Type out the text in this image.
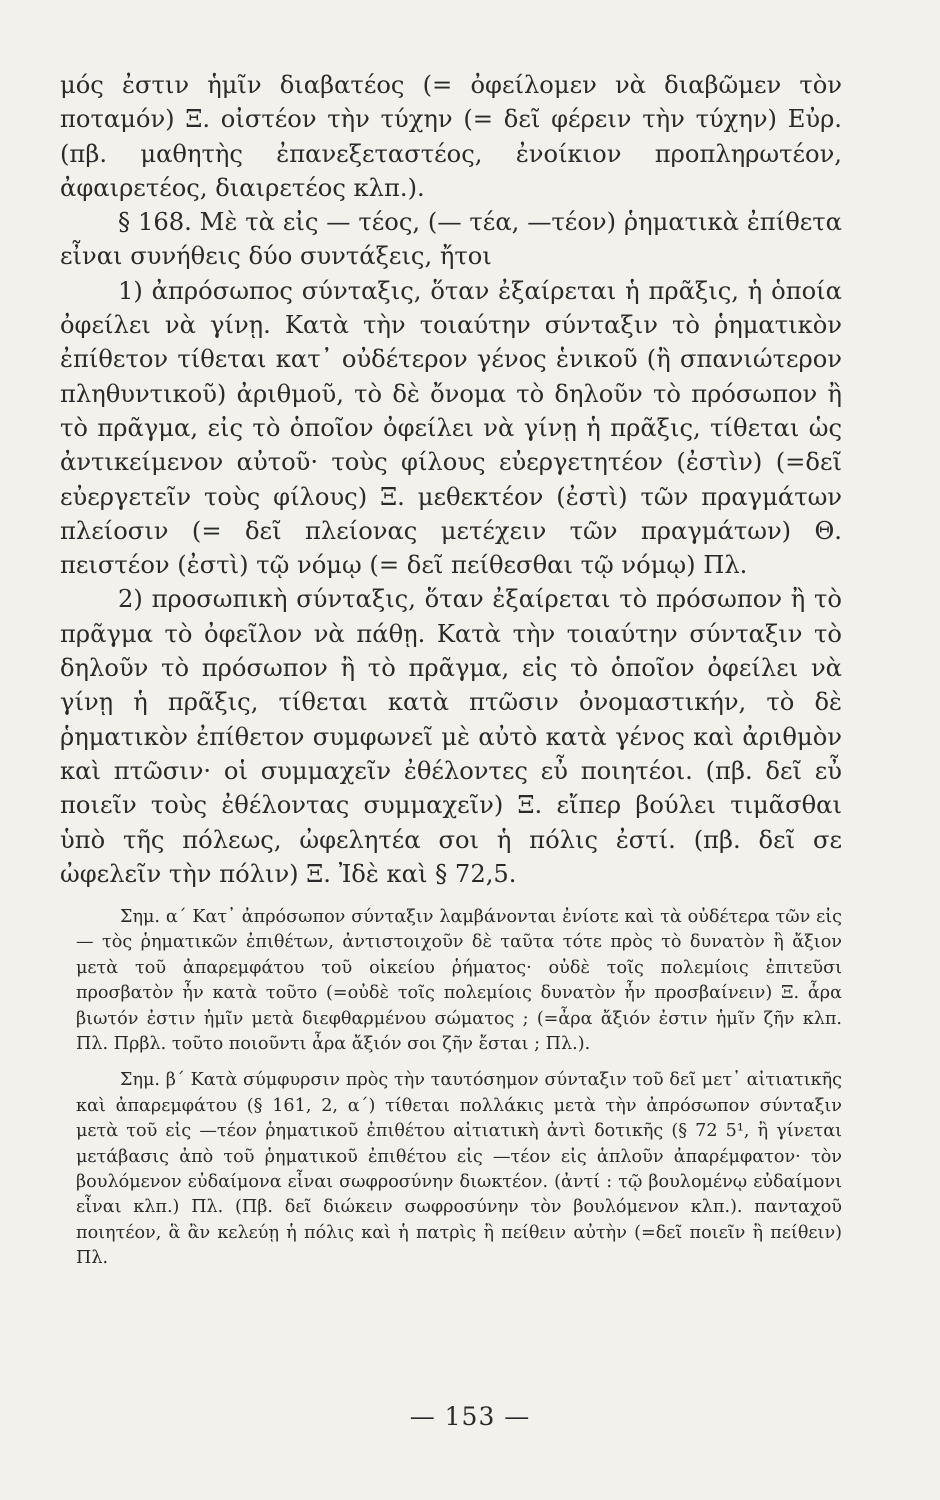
μός ἐστιν ἡμῖν διαβατέος (= ὀφείλομεν νὰ διαβῶμεν τὸν ποταμόν) Ξ. οἰστέον τὴν τύχην (= δεῖ φέρειν τὴν τύχην) Εὐρ. (πβ. μαθητὴς ἐπανεξεταστέος, ἐνοίκιον προπληρωτέον, ἀφαιρετέος, διαιρετέος κλπ.).

§ 168. Μὲ τὰ εἰς — τέος, (— τέα, —τέον) ῥηματικὰ ἐπίθετα εἶναι συνήθεις δύο συντάξεις, ἤτοι

1) ἀπρόσωπος σύνταξις, ὅταν ἐξαίρεται ἡ πρᾶξις, ἡ ὁποία ὀφείλει νὰ γίνῃ. Κατὰ τὴν τοιαύτην σύνταξιν τὸ ῥηματικὸν ἐπίθετον τίθεται κατ᾽ οὐδέτερον γένος ἑνικοῦ (ἢ σπανιώτερον πληθυντικοῦ) ἀριθμοῦ, τὸ δὲ ὄνομα τὸ δηλοῦν τὸ πρόσωπον ἢ τὸ πρᾶγμα, εἰς τὸ ὁποῖον ὀφείλει νὰ γίνῃ ἡ πρᾶξις, τίθεται ὡς ἀντικείμενον αὐτοῦ· τοὺς φίλους εὐεργετητέον (ἐστὶν) (=δεῖ εὐεργετεῖν τοὺς φίλους) Ξ. μεθεκτέον (ἐστὶ) τῶν πραγμάτων πλείοσιν (= δεῖ πλείονας μετέχειν τῶν πραγμάτων) Θ. πειστέον (ἐστὶ) τῷ νόμῳ (= δεῖ πείθεσθαι τῷ νόμῳ) Πλ.

2) προσωπικὴ σύνταξις, ὅταν ἐξαίρεται τὸ πρόσωπον ἢ τὸ πρᾶγμα τὸ ὀφεῖλον νὰ πάθῃ. Κατὰ τὴν τοιαύτην σύνταξιν τὸ δηλοῦν τὸ πρόσωπον ἢ τὸ πρᾶγμα, εἰς τὸ ὁποῖον ὀφείλει νὰ γίνῃ ἡ πρᾶξις, τίθεται κατὰ πτῶσιν ὀνομαστικήν, τὸ δὲ ῥηματικὸν ἐπίθετον συμφωνεῖ μὲ αὐτὸ κατὰ γένος καὶ ἀριθμὸν καὶ πτῶσιν· οἱ συμμαχεῖν ἐθέλοντες εὖ ποιητέοι. (πβ. δεῖ εὖ ποιεῖν τοὺς ἐθέλοντας συμμαχεῖν) Ξ. εἴπερ βούλει τιμᾶσθαι ὑπὸ τῆς πόλεως, ὠφελητέα σοι ἡ πόλις ἐστί. (πβ. δεῖ σε ὠφελεῖν τὴν πόλιν) Ξ. Ἰδὲ καὶ § 72,5.

Σημ. α΄ Κατ᾽ ἀπρόσωπον σύνταξιν λαμβάνονται ἐνίοτε καὶ τὰ οὐδέτερα τῶν εἰς — τὸς ῥηματικῶν ἐπιθέτων, ἀντιστοιχοῦν δὲ ταῦτα τότε πρὸς τὸ δυνατὸν ἢ ἄξιον μετὰ τοῦ ἀπαρεμφάτου τοῦ οἰκείου ῥήματος· οὐδὲ τοῖς πολεμίοις ἐπιτεῦσι προσβατὸν ἦν κατὰ τοῦτο (=οὐδὲ τοῖς πολεμίοις δυνατὸν ἦν προσβαίνειν) Ξ. ἆρα βιωτόν ἐστιν ἡμῖν μετὰ διεφθαρμένου σώματος ; (=ἆρα ἄξιόν ἐστιν ἡμῖν ζῆν κλπ. Πλ. Πρβλ. τοῦτο ποιοῦντι ἆρα ἄξιόν σοι ζῆν ἔσται ; Πλ.).

Σημ. β΄ Κατὰ σύμφυρσιν πρὸς τὴν ταυτόσημον σύνταξιν τοῦ δεῖ μετ᾽ αἰτιατικῆς καὶ ἀπαρεμφάτου (§ 161, 2, α΄) τίθεται πολλάκις μετὰ τὴν ἀπρόσωπον σύνταξιν μετὰ τοῦ εἰς —τέον ῥηματικοῦ ἐπιθέτου αἰτιατικὴ ἀντὶ δοτικῆς (§ 72 5¹, ἢ γίνεται μετάβασις ἀπὸ τοῦ ῥηματικοῦ ἐπιθέτου εἰς —τέον εἰς ἁπλοῦν ἀπαρέμφατον· τὸν βουλόμενον εὐδαίμονα εἶναι σωφροσύνην διωκτέον. (ἀντί : τῷ βουλομένῳ εὐδαίμονι εἶναι κλπ.) Πλ. (Πβ. δεῖ διώκειν σωφροσύνην τὸν βουλόμενον κλπ.). πανταχοῦ ποιητέον, ἃ ἂν κελεύῃ ἡ πόλις καὶ ἡ πατρὶς ἢ πείθειν αὐτὴν (=δεῖ ποιεῖν ἢ πείθειν) Πλ.

— 153 —
